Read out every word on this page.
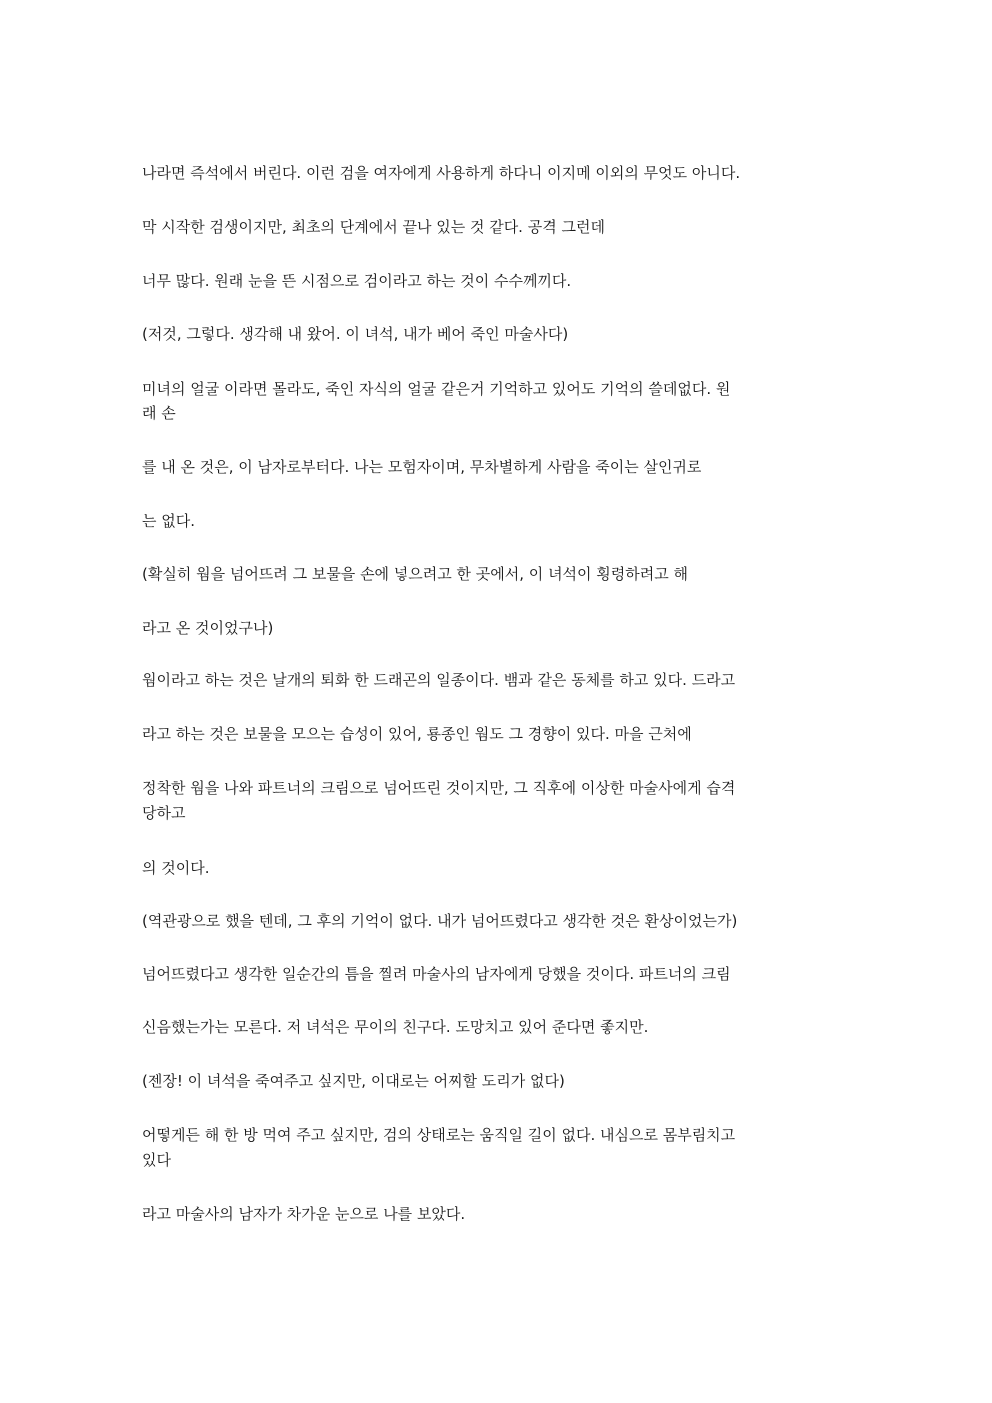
나라면 즉석에서 버린다. 이런 검을 여자에게 사용하게 하다니 이지메 이외의 무엇도 아니다.

막 시작한 검생이지만, 최초의 단계에서 끝나 있는 것 같다. 공격 그런데

너무 많다. 원래 눈을 뜬 시점으로 검이라고 하는 것이 수수께끼다.

(저것, 그렇다. 생각해 내 왔어. 이 녀석, 내가 베어 죽인 마술사다)

미녀의 얼굴 이라면 몰라도, 죽인 자식의 얼굴 같은거 기억하고 있어도 기억의 쓸데없다. 원

래 손

를 내 온 것은, 이 남자로부터다. 나는 모험자이며, 무차별하게 사람을 죽이는 살인귀로

는 없다.

(확실히 웜을 넘어뜨려 그 보물을 손에 넣으려고 한 곳에서, 이 녀석이 횡령하려고 해

라고 온 것이었구나)

웜이라고 하는 것은 날개의 퇴화 한 드래곤의 일종이다. 뱀과 같은 동체를 하고 있다. 드라고

라고 하는 것은 보물을 모으는 습성이 있어, 룡종인 웜도 그 경향이 있다. 마을 근처에

정착한 웜을 나와 파트너의 크림으로 넘어뜨린 것이지만, 그 직후에 이상한 마술사에게 습격

당하고

의 것이다.

(역관광으로 했을 텐데, 그 후의 기억이 없다. 내가 넘어뜨렸다고 생각한 것은 환상이었는가)

넘어뜨렸다고 생각한 일순간의 틈을 찔려 마술사의 남자에게 당했을 것이다. 파트너의 크림

신음했는가는 모른다. 저 녀석은 무이의 친구다. 도망치고 있어 준다면 좋지만.

(젠장! 이 녀석을 죽여주고 싶지만, 이대로는 어찌할 도리가 없다)

어떻게든 해 한 방 먹여 주고 싶지만, 검의 상태로는 움직일 길이 없다. 내심으로 몸부림치고

있다

라고 마술사의 남자가 차가운 눈으로 나를 보았다.
